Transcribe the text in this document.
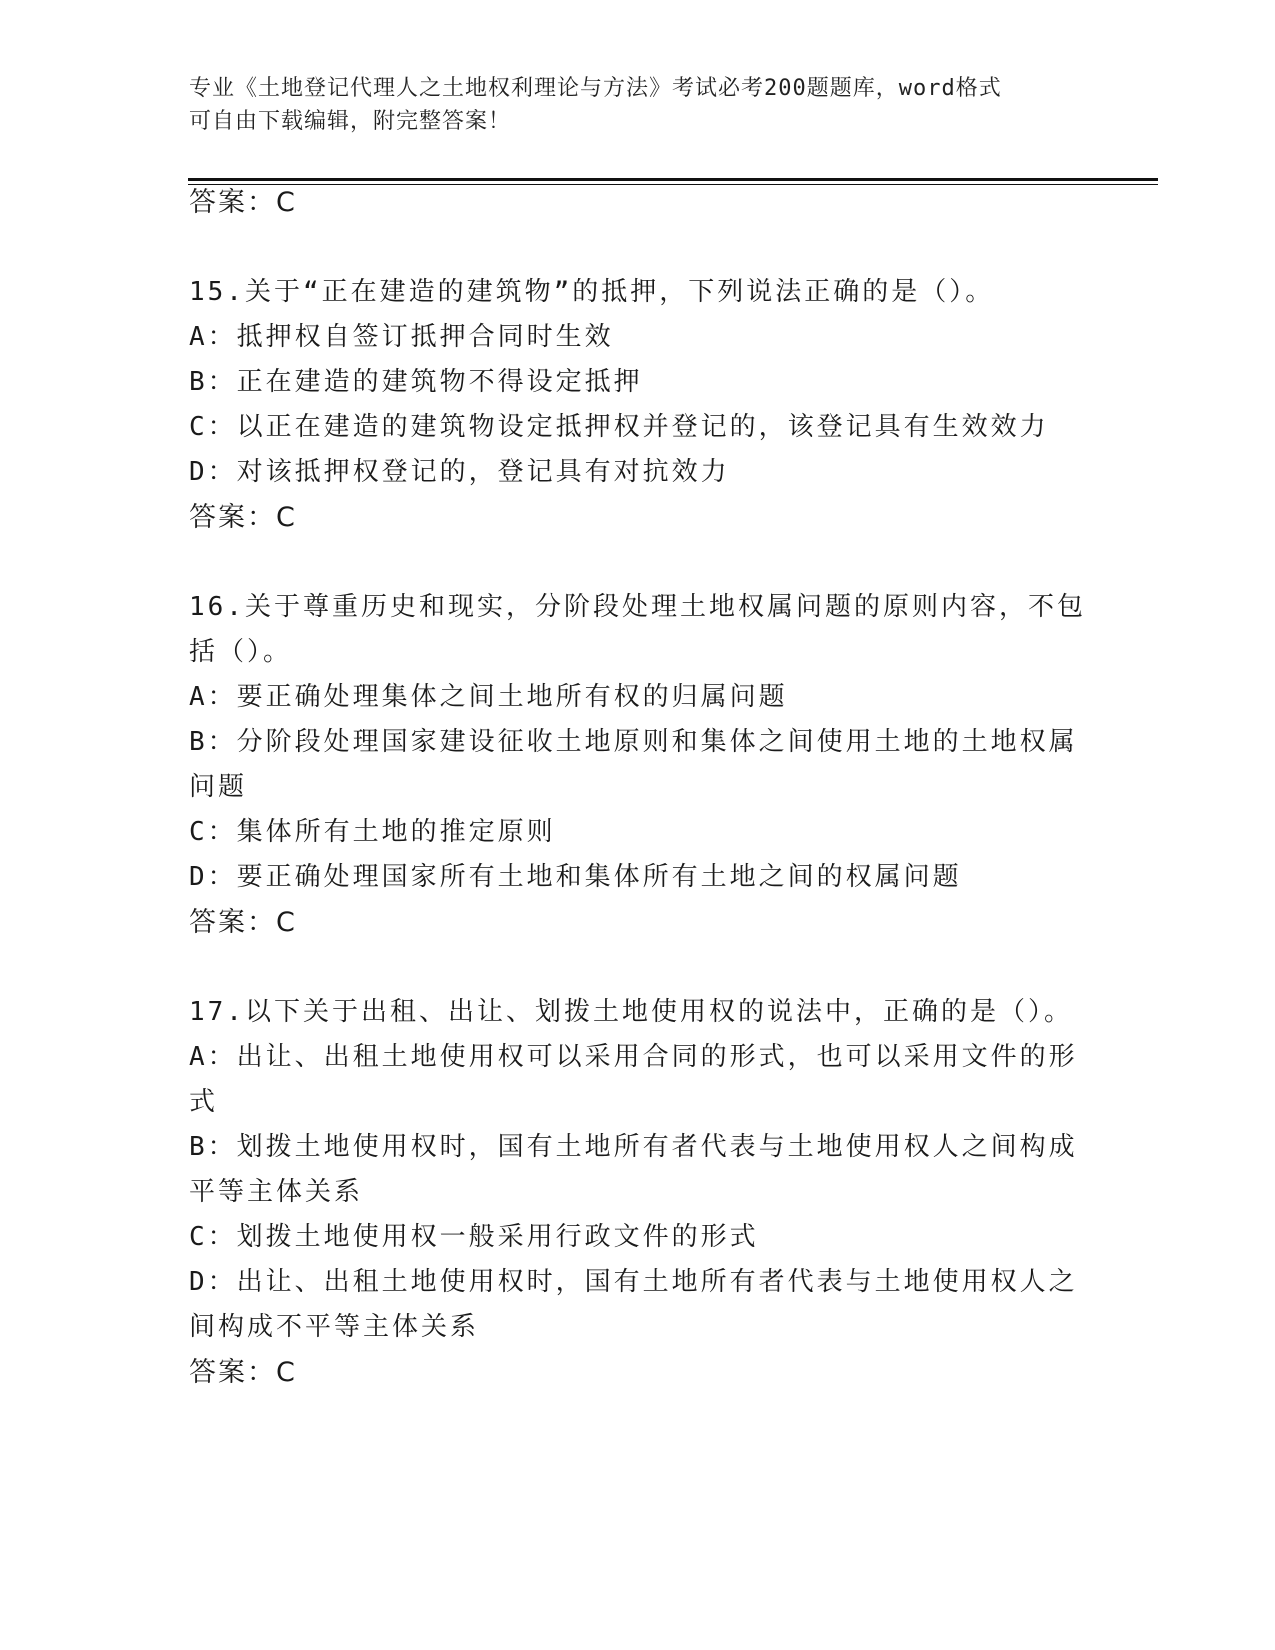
专业《土地登记代理人之土地权利理论与方法》考试必考200题题库，word格式
可自由下载编辑，附完整答案！
答案：C
15.关于“正在建造的建筑物”的抵押，下列说法正确的是（）。
A：抵押权自签订抵押合同时生效
B：正在建造的建筑物不得设定抵押
C：以正在建造的建筑物设定抵押权并登记的，该登记具有生效效力
D：对该抵押权登记的，登记具有对抗效力
答案：C
16.关于尊重历史和现实，分阶段处理土地权属问题的原则内容，不包
括（）。
A：要正确处理集体之间土地所有权的归属问题
B：分阶段处理国家建设征收土地原则和集体之间使用土地的土地权属
问题
C：集体所有土地的推定原则
D：要正确处理国家所有土地和集体所有土地之间的权属问题
答案：C
17.以下关于出租、出让、划拨土地使用权的说法中，正确的是（）。
A：出让、出租土地使用权可以采用合同的形式，也可以采用文件的形
式
B：划拨土地使用权时，国有土地所有者代表与土地使用权人之间构成
平等主体关系
C：划拨土地使用权一般采用行政文件的形式
D：出让、出租土地使用权时，国有土地所有者代表与土地使用权人之
间构成不平等主体关系
答案：C
